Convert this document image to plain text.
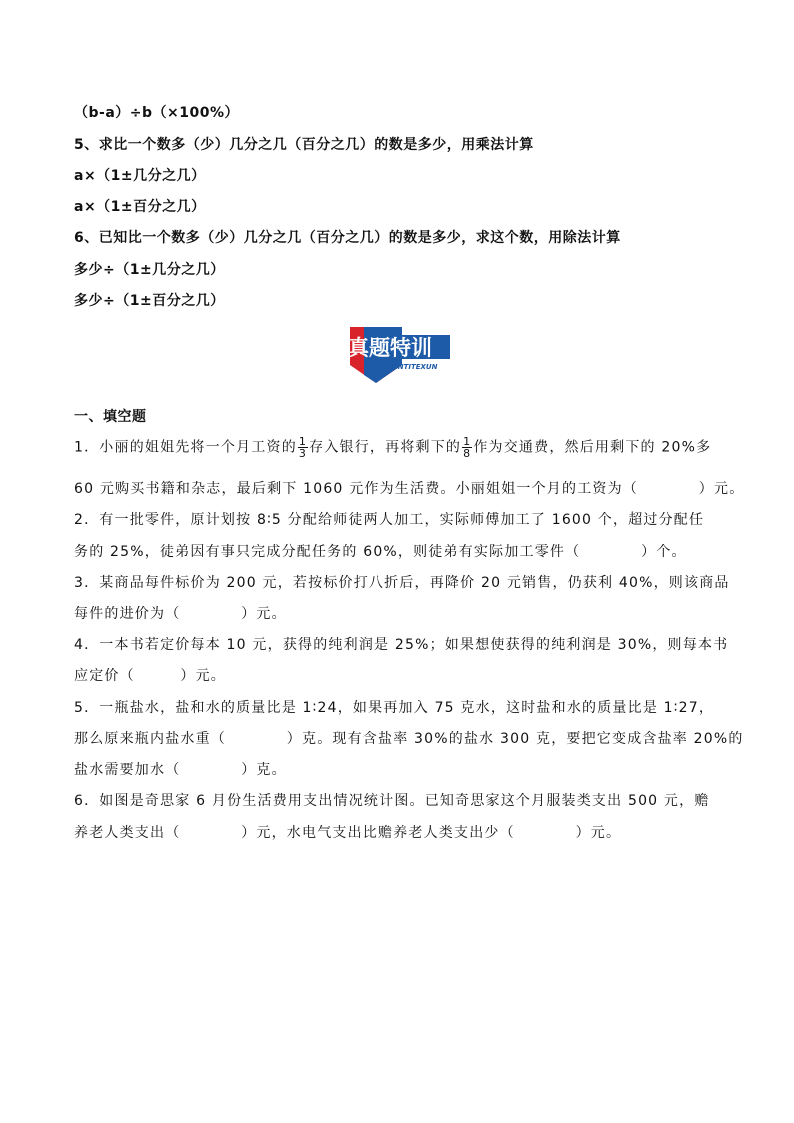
（b-a）÷b（×100%）
5、求比一个数多（少）几分之几（百分之几）的数是多少，用乘法计算
a×（1±几分之几）
a×（1±百分之几）
6、已知比一个数多（少）几分之几（百分之几）的数是多少，求这个数，用除法计算
多少÷（1±几分之几）
多少÷（1±百分之几）
真题特训
ZHENTITEXUN
一、填空题
1．小丽的姐姐先将一个月工资的 $\frac{1}{3}$ 存入银行，再将剩下的 $\frac{1}{8}$ 作为交通费，然后用剩下的 20%多
60 元购买书籍和杂志，最后剩下 1060 元作为生活费。小丽姐姐一个月的工资为（　　　　）元。
2．有一批零件，原计划按 8∶5 分配给师徒两人加工，实际师傅加工了 1600 个，超过分配任
务的 25%，徒弟因有事只完成分配任务的 60%，则徒弟有实际加工零件（　　　　）个。
3．某商品每件标价为 200 元，若按标价打八折后，再降价 20 元销售，仍获利 40%，则该商品
每件的进价为（　　　　）元。
4．一本书若定价每本 10 元，获得的纯利润是 25%；如果想使获得的纯利润是 30%，则每本书
应定价（　　　）元。
5．一瓶盐水，盐和水的质量比是 1∶24，如果再加入 75 克水，这时盐和水的质量比是 1∶27，
那么原来瓶内盐水重（　　　　）克。现有含盐率 30%的盐水 300 克，要把它变成含盐率 20%的
盐水需要加水（　　　　）克。
6．如图是奇思家 6 月份生活费用支出情况统计图。已知奇思家这个月服装类支出 500 元，赡
养老人类支出（　　　　）元，水电气支出比赡养老人类支出少（　　　　）元。
